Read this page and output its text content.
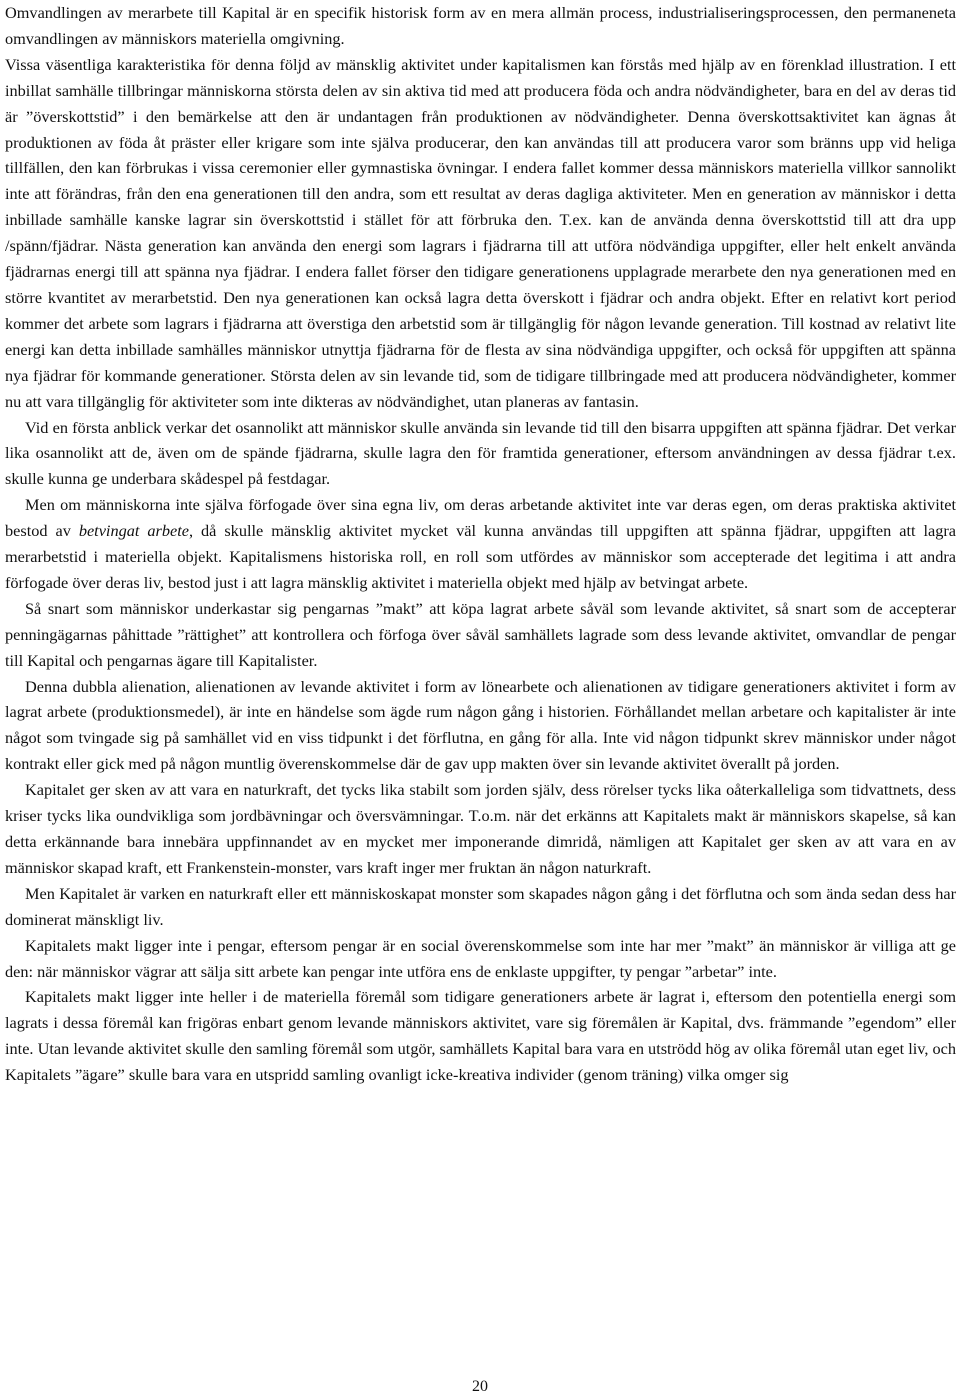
Omvandlingen av merarbete till Kapital är en specifik historisk form av en mera allmän process, industrialiseringsprocessen, den permaneneta omvandlingen av människors materiella omgivning.

Vissa väsentliga karakteristika för denna följd av mänsklig aktivitet under kapitalismen kan förstås med hjälp av en förenklad illustration. I ett inbillat samhälle tillbringar människorna största delen av sin aktiva tid med att producera föda och andra nödvändigheter, bara en del av deras tid är ”överskottstid” i den bemärkelse att den är undantagen från produktionen av nödvändigheter. Denna överskottsaktivitet kan ägnas åt produktionen av föda åt präster eller krigare som inte själva producerar, den kan användas till att producera varor som bränns upp vid heliga tillfällen, den kan förbrukas i vissa ceremonier eller gymnastiska övningar. I endera fallet kommer dessa människors materiella villkor sannolikt inte att förändras, från den ena generationen till den andra, som ett resultat av deras dagliga aktiviteter. Men en generation av människor i detta inbillade samhälle kanske lagrar sin överskottstid i stället för att förbruka den. T.ex. kan de använda denna överskottstid till att dra upp /spänn/fjädrar. Nästa generation kan använda den energi som lagrars i fjädrarna till att utföra nödvändiga uppgifter, eller helt enkelt använda fjädrarnas energi till att spänna nya fjädrar. I endera fallet förser den tidigare generationens upplagrade merarbete den nya generationen med en större kvantitet av merarbetstid. Den nya generationen kan också lagra detta överskott i fjädrar och andra objekt. Efter en relativt kort period kommer det arbete som lagrars i fjädrarna att överstiga den arbetstid som är tillgänglig för någon levande generation. Till kostnad av relativt lite energi kan detta inbillade samhälles människor utnyttja fjädrarna för de flesta av sina nödvändiga uppgifter, och också för uppgiften att spänna nya fjädrar för kommande generationer. Största delen av sin levande tid, som de tidigare tillbringade med att producera nödvändigheter, kommer nu att vara tillgänglig för aktiviteter som inte dikteras av nödvändighet, utan planeras av fantasin.

Vid en första anblick verkar det osannolikt att människor skulle använda sin levande tid till den bisarra uppgiften att spänna fjädrar. Det verkar lika osannolikt att de, även om de spände fjädrarna, skulle lagra den för framtida generationer, eftersom användningen av dessa fjädrar t.ex. skulle kunna ge underbara skådespel på festdagar.

Men om människorna inte själva förfogade över sina egna liv, om deras arbetande aktivitet inte var deras egen, om deras praktiska aktivitet bestod av betvingat arbete, då skulle mänsklig aktivitet mycket väl kunna användas till uppgiften att spänna fjädrar, uppgiften att lagra merarbetstid i materiella objekt. Kapitalismens historiska roll, en roll som utfördes av människor som accepterade det legitima i att andra förfogade över deras liv, bestod just i att lagra mänsklig aktivitet i materiella objekt med hjälp av betvingat arbete.

Så snart som människor underkastar sig pengarnas ”makt” att köpa lagrat arbete såväl som levande aktivitet, så snart som de accepterar penningägarnas påhittade ”rättighet” att kontrollera och förfoga över såväl samhällets lagrade som dess levande aktivitet, omvandlar de pengar till Kapital och pengarnas ägare till Kapitalister.

Denna dubbla alienation, alienationen av levande aktivitet i form av lönearbete och alienationen av tidigare generationers aktivitet i form av lagrat arbete (produktionsmedel), är inte en händelse som ägde rum någon gång i historien. Förhållandet mellan arbetare och kapitalister är inte något som tvingade sig på samhället vid en viss tidpunkt i det förflutna, en gång för alla. Inte vid någon tidpunkt skrev människor under något kontrakt eller gick med på någon muntlig överenskommelse där de gav upp makten över sin levande aktivitet överallt på jorden.

Kapitalet ger sken av att vara en naturkraft, det tycks lika stabilt som jorden själv, dess rörelser tycks lika oåterkalleliga som tidvattnets, dess kriser tycks lika oundvikliga som jordbävningar och översvämningar. T.o.m. när det erkänns att Kapitalets makt är människors skapelse, så kan detta erkännande bara innebära uppfinnandet av en mycket mer imponerande dimridå, nämligen att Kapitalet ger sken av att vara en av människor skapad kraft, ett Frankenstein-monster, vars kraft inger mer fruktan än någon naturkraft.

Men Kapitalet är varken en naturkraft eller ett människoskapat monster som skapades någon gång i det förflutna och som ända sedan dess har dominerat mänskligt liv.

Kapitalets makt ligger inte i pengar, eftersom pengar är en social överenskommelse som inte har mer ”makt” än människor är villiga att ge den: när människor vägrar att sälja sitt arbete kan pengar inte utföra ens de enklaste uppgifter, ty pengar ”arbetar” inte.

Kapitalets makt ligger inte heller i de materiella föremål som tidigare generationers arbete är lagrat i, eftersom den potentiella energi som lagrats i dessa föremål kan frigöras enbart genom levande människors aktivitet, vare sig föremålen är Kapital, dvs. främmande ”egendom” eller inte. Utan levande aktivitet skulle den samling föremål som utgör, samhällets Kapital bara vara en utströdd hög av olika föremål utan eget liv, och Kapitalets ”ägare” skulle bara vara en utspridd samling ovanligt icke-kreativa individer (genom träning) vilka omger sig

20
